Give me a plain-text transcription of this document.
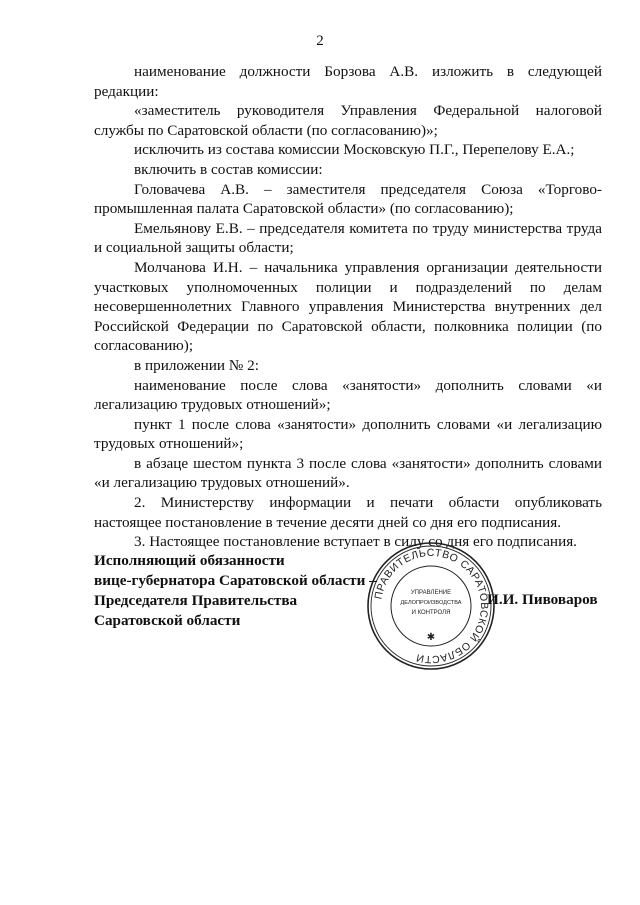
2

наименование должности Борзова А.В. изложить в следующей редакции:

«заместитель руководителя Управления Федеральной налоговой службы по Саратовской области (по согласованию)»;

исключить из состава комиссии Московскую П.Г., Перепелову Е.А.;

включить в состав комиссии:

Головачева А.В. – заместителя председателя Союза «Торгово-промышленная палата Саратовской области» (по согласованию);

Емельянову Е.В. – председателя комитета по труду министерства труда и социальной защиты области;

Молчанова И.Н. – начальника управления организации деятельности участковых уполномоченных полиции и подразделений по делам несовершеннолетних Главного управления Министерства внутренних дел Российской Федерации по Саратовской области, полковника полиции (по согласованию);

в приложении № 2:

наименование после слова «занятости» дополнить словами «и легализацию трудовых отношений»;

пункт 1 после слова «занятости» дополнить словами «и легализацию трудовых отношений»;

в абзаце шестом пункта 3 после слова «занятости» дополнить словами «и легализацию трудовых отношений».

2. Министерству информации и печати области опубликовать настоящее постановление в течение десяти дней со дня его подписания.

3. Настоящее постановление вступает в силу со дня его подписания.

Исполняющий обязанности
вице-губернатора Саратовской области –
Председателя Правительства
Саратовской области
ПРАВИТЕЛЬСТВО САРАТОВСКОЙ ОБЛАСТИ
УПРАВЛЕНИЕ
ДЕЛОПРОИЗВОДСТВА
И КОНТРОЛЯ
✱
И.И. Пивоваров
